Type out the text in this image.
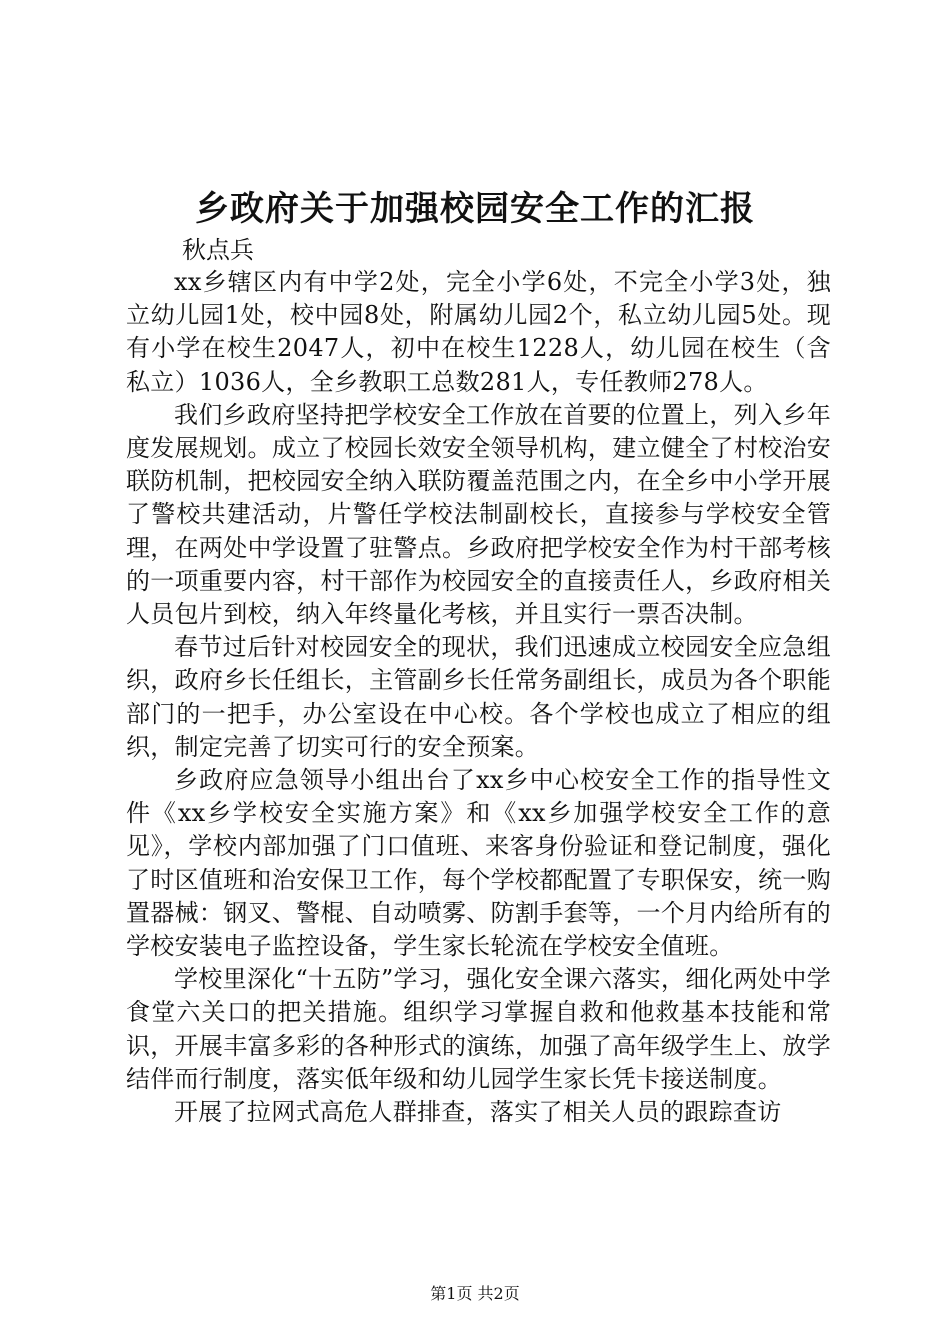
乡政府关于加强校园安全工作的汇报

秋点兵

xx乡辖区内有中学2处，完全小学6处，不完全小学3处，独立幼儿园1处，校中园8处，附属幼儿园2个，私立幼儿园5处。现有小学在校生2047人，初中在校生1228人，幼儿园在校生（含私立）1036人，全乡教职工总数281人，专任教师278人。

我们乡政府坚持把学校安全工作放在首要的位置上，列入乡年度发展规划。成立了校园长效安全领导机构，建立健全了村校治安联防机制，把校园安全纳入联防覆盖范围之内，在全乡中小学开展了警校共建活动，片警任学校法制副校长，直接参与学校安全管理，在两处中学设置了驻警点。乡政府把学校安全作为村干部考核的一项重要内容，村干部作为校园安全的直接责任人，乡政府相关人员包片到校，纳入年终量化考核，并且实行一票否决制。

春节过后针对校园安全的现状，我们迅速成立校园安全应急组织，政府乡长任组长，主管副乡长任常务副组长，成员为各个职能部门的一把手，办公室设在中心校。各个学校也成立了相应的组织，制定完善了切实可行的安全预案。

乡政府应急领导小组出台了xx乡中心校安全工作的指导性文件《xx乡学校安全实施方案》和《xx乡加强学校安全工作的意见》，学校内部加强了门口值班、来客身份验证和登记制度，强化了时区值班和治安保卫工作，每个学校都配置了专职保安，统一购置器械：钢叉、警棍、自动喷雾、防割手套等，一个月内给所有的学校安装电子监控设备，学生家长轮流在学校安全值班。

学校里深化“十五防”学习，强化安全课六落实，细化两处中学食堂六关口的把关措施。组织学习掌握自救和他救基本技能和常识，开展丰富多彩的各种形式的演练，加强了高年级学生上、放学结伴而行制度，落实低年级和幼儿园学生家长凭卡接送制度。

开展了拉网式高危人群排查，落实了相关人员的跟踪查访

第1页 共2页
